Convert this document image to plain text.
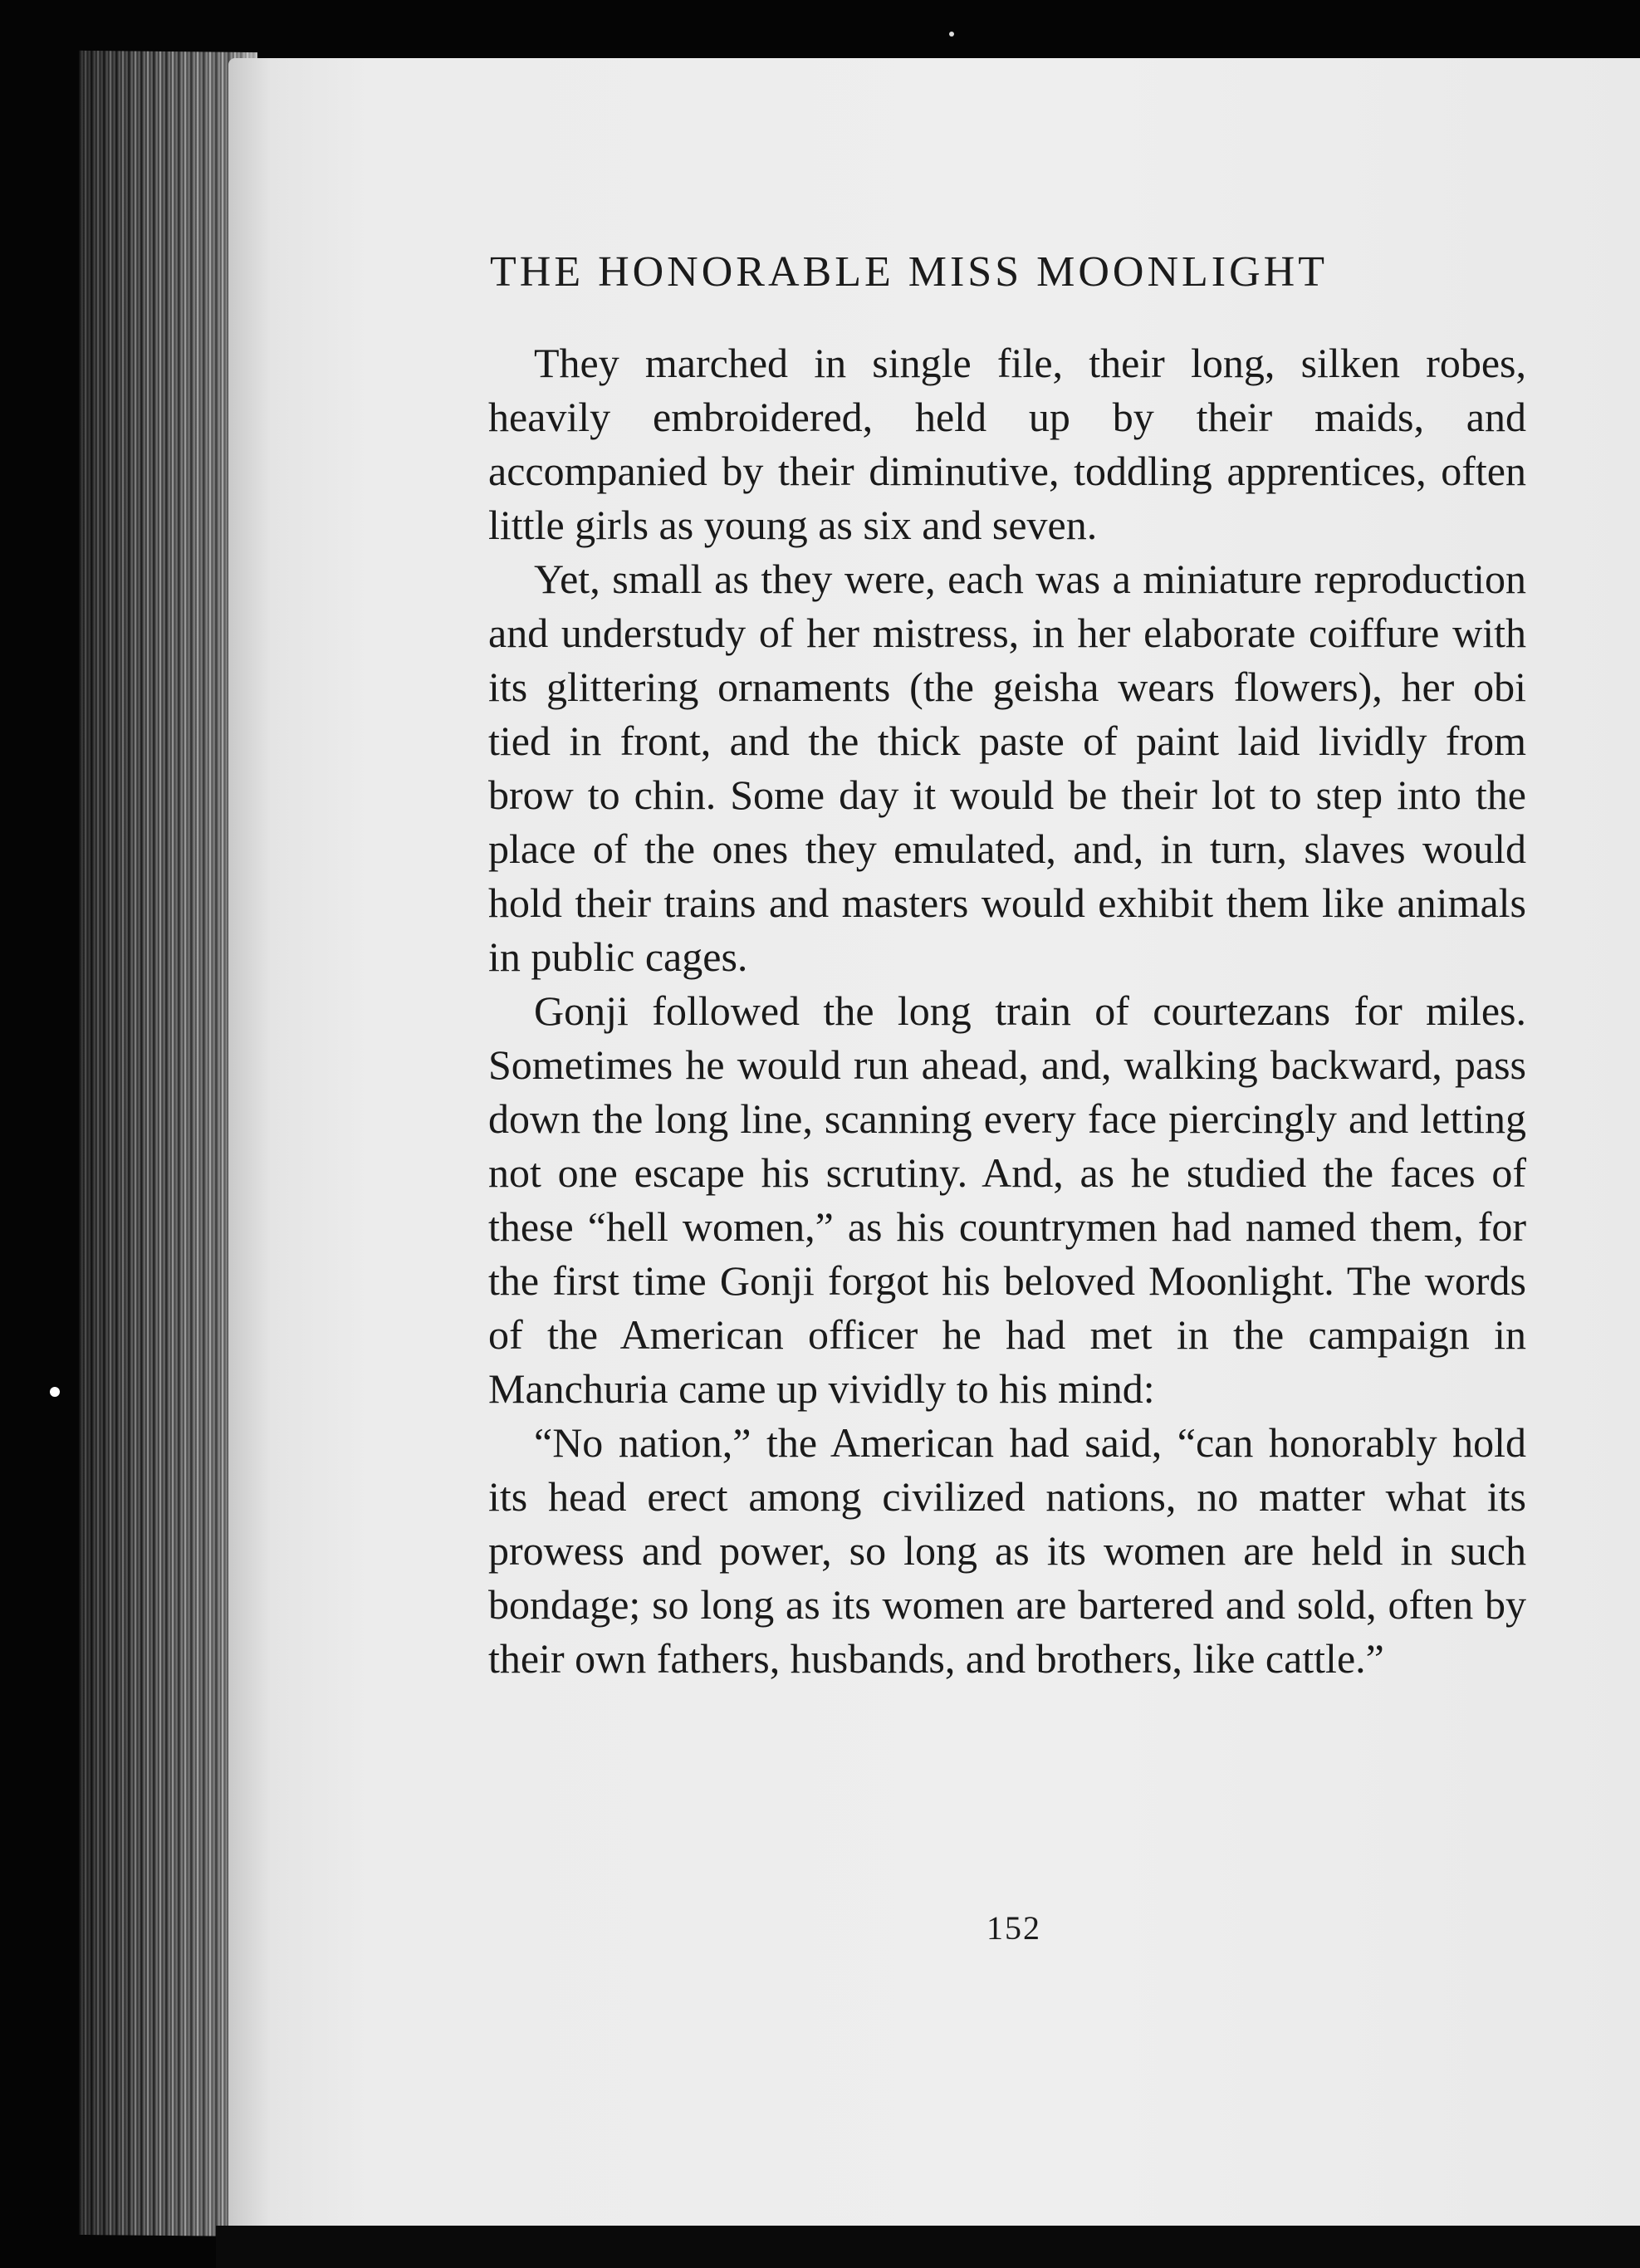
THE HONORABLE MISS MOONLIGHT

They marched in single file, their long, silken robes, heavily embroidered, held up by their maids, and accompanied by their diminutive, toddling apprentices, often little girls as young as six and seven.

Yet, small as they were, each was a miniature reproduction and understudy of her mistress, in her elaborate coiffure with its glittering ornaments (the geisha wears flowers), her obi tied in front, and the thick paste of paint laid lividly from brow to chin. Some day it would be their lot to step into the place of the ones they emulated, and, in turn, slaves would hold their trains and masters would exhibit them like animals in public cages.

Gonji followed the long train of courtezans for miles. Sometimes he would run ahead, and, walking backward, pass down the long line, scanning every face piercingly and letting not one escape his scrutiny. And, as he studied the faces of these “hell women,” as his countrymen had named them, for the first time Gonji forgot his beloved Moonlight. The words of the American officer he had met in the campaign in Manchuria came up vividly to his mind:

“No nation,” the American had said, “can honorably hold its head erect among civilized nations, no matter what its prowess and power, so long as its women are held in such bondage; so long as its women are bartered and sold, often by their own fathers, husbands, and brothers, like cattle.”

152
